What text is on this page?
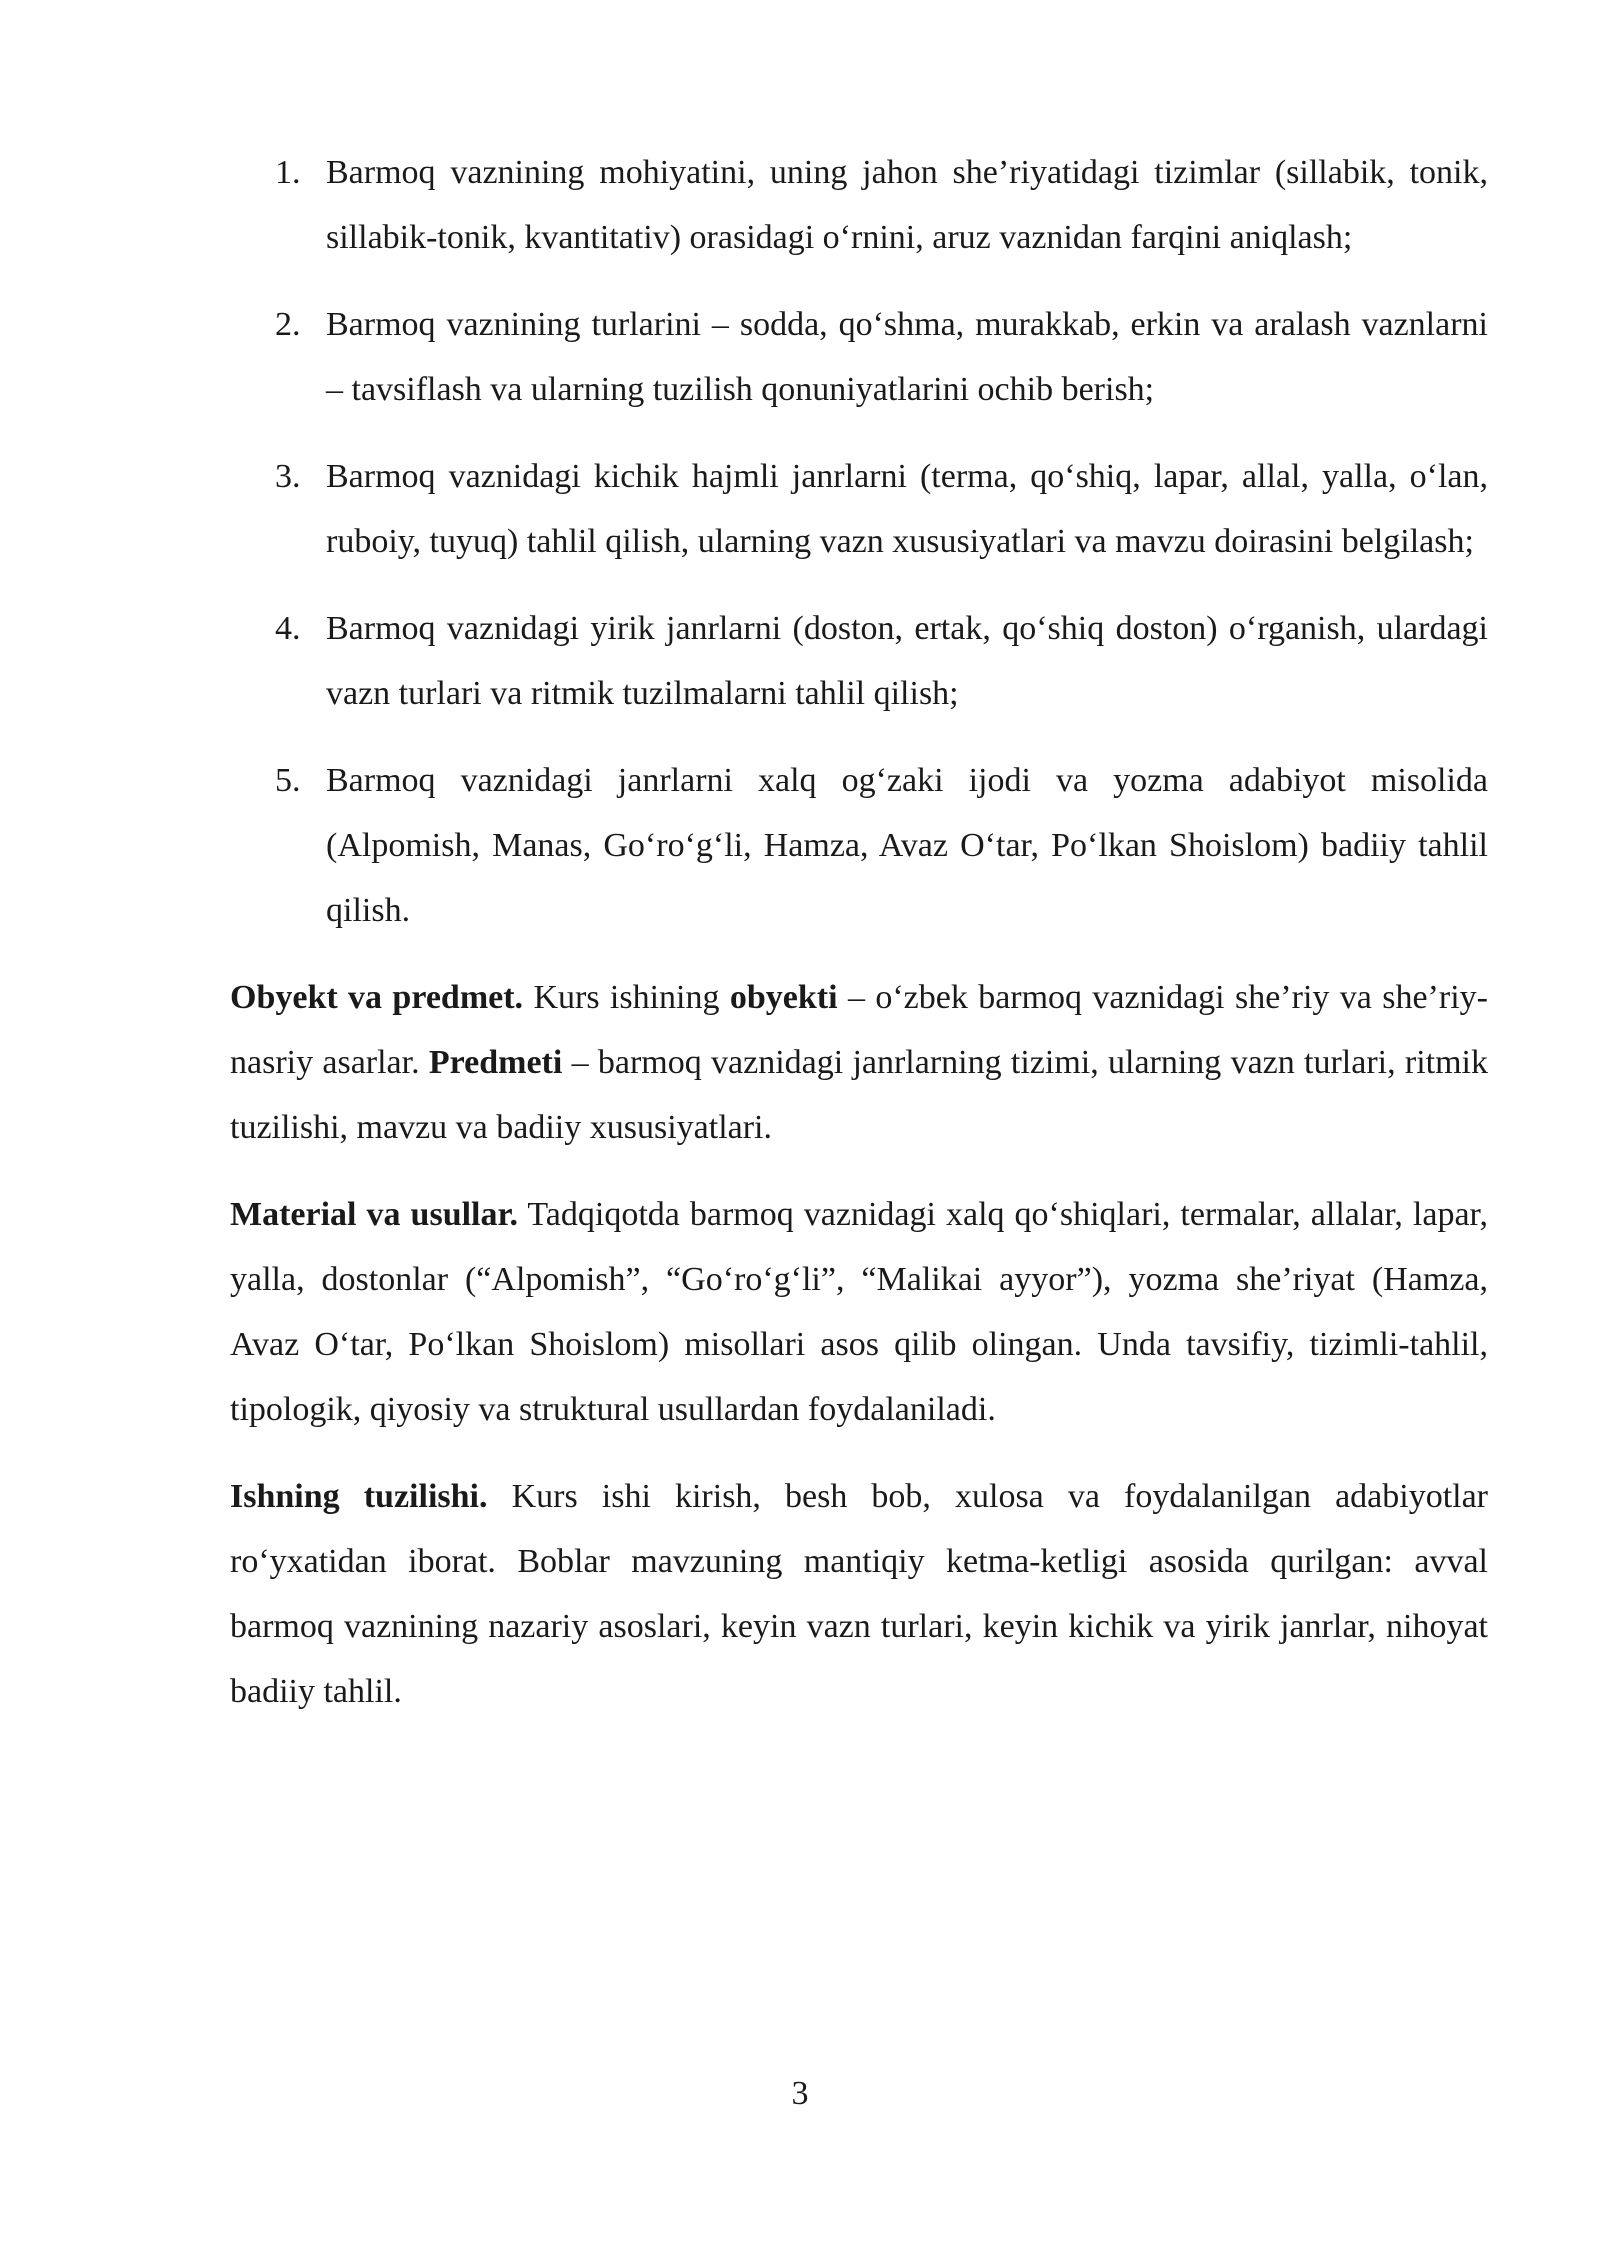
1. Barmoq vaznining mohiyatini, uning jahon she’riyatidagi tizimlar (sillabik, tonik, sillabik-tonik, kvantitativ) orasidagi o‘rnini, aruz vaznidan farqini aniqlash;
2. Barmoq vaznining turlarini – sodda, qo‘shma, murakkab, erkin va aralash vaznlarni – tavsiflash va ularning tuzilish qonuniyatlarini ochib berish;
3. Barmoq vaznidagi kichik hajmli janrlarni (terma, qo‘shiq, lapar, allal, yalla, o‘lan, ruboiy, tuyuq) tahlil qilish, ularning vazn xususiyatlari va mavzu doirasini belgilash;
4. Barmoq vaznidagi yirik janrlarni (doston, ertak, qo‘shiq doston) o‘rganish, ulardagi vazn turlari va ritmik tuzilmalarni tahlil qilish;
5. Barmoq vaznidagi janrlarni xalq og‘zaki ijodi va yozma adabiyot misolida (Alpomish, Manas, Go‘ro‘g‘li, Hamza, Avaz O‘tar, Po‘lkan Shoislom) badiiy tahlil qilish.

Obyekt va predmet. Kurs ishining obyekti – o‘zbek barmoq vaznidagi she’riy va she’riy-nasriy asarlar. Predmeti – barmoq vaznidagi janrlarning tizimi, ularning vazn turlari, ritmik tuzilishi, mavzu va badiiy xususiyatlari.

Material va usullar. Tadqiqotda barmoq vaznidagi xalq qo‘shiqlari, termalar, allalar, lapar, yalla, dostonlar (“Alpomish”, “Go‘ro‘g‘li”, “Malikai ayyor”), yozma she’riyat (Hamza, Avaz O‘tar, Po‘lkan Shoislom) misollari asos qilib olingan. Unda tavsifiy, tizimli-tahlil, tipologik, qiyosiy va struktural usullardan foydalaniladi.

Ishning tuzilishi. Kurs ishi kirish, besh bob, xulosa va foydalanilgan adabiyotlar ro‘yxatidan iborat. Boblar mavzuning mantiqiy ketma-ketligi asosida qurilgan: avval barmoq vaznining nazariy asoslari, keyin vazn turlari, keyin kichik va yirik janrlar, nihoyat badiiy tahlil.

3
